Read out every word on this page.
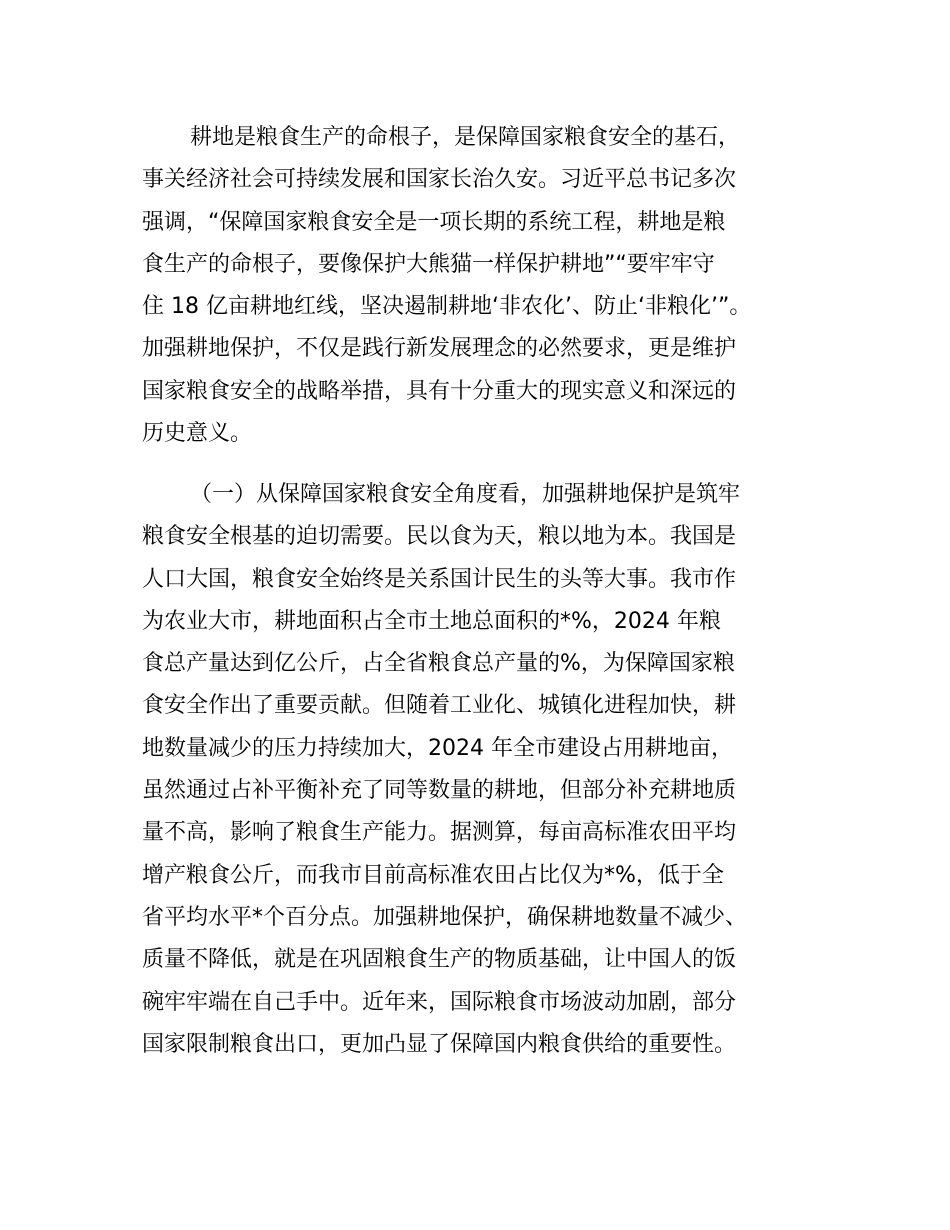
耕地是粮食生产的命根子，是保障国家粮食安全的基石，
事关经济社会可持续发展和国家长治久安。习近平总书记多次
强调，“保障国家粮食安全是一项长期的系统工程，耕地是粮
食生产的命根子，要像保护大熊猫一样保护耕地”“要牢牢守
住 18 亿亩耕地红线，坚决遏制耕地‘非农化’、防止‘非粮化’”。
加强耕地保护，不仅是践行新发展理念的必然要求，更是维护
国家粮食安全的战略举措，具有十分重大的现实意义和深远的
历史意义。
（一）从保障国家粮食安全角度看，加强耕地保护是筑牢
粮食安全根基的迫切需要。民以食为天，粮以地为本。我国是
人口大国，粮食安全始终是关系国计民生的头等大事。我市作
为农业大市，耕地面积占全市土地总面积的*%，2024 年粮
食总产量达到亿公斤，占全省粮食总产量的%，为保障国家粮
食安全作出了重要贡献。但随着工业化、城镇化进程加快，耕
地数量减少的压力持续加大，2024 年全市建设占用耕地亩，
虽然通过占补平衡补充了同等数量的耕地，但部分补充耕地质
量不高，影响了粮食生产能力。据测算，每亩高标准农田平均
增产粮食公斤，而我市目前高标准农田占比仅为*%，低于全
省平均水平*个百分点。加强耕地保护，确保耕地数量不减少、
质量不降低，就是在巩固粮食生产的物质基础，让中国人的饭
碗牢牢端在自己手中。近年来，国际粮食市场波动加剧，部分
国家限制粮食出口，更加凸显了保障国内粮食供给的重要性。
